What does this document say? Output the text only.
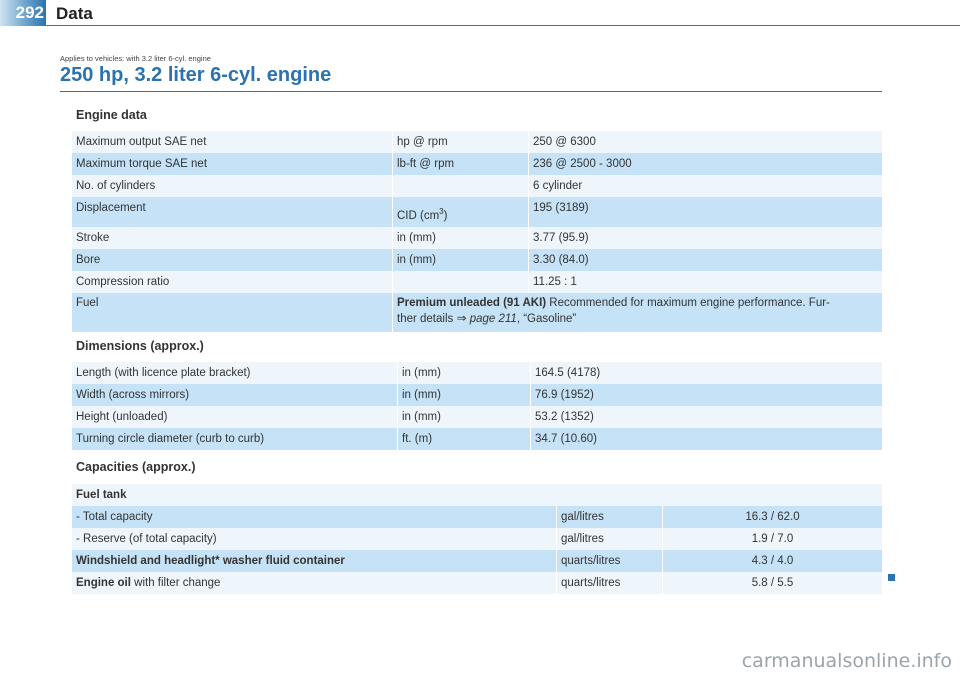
292 Data
Applies to vehicles: with 3.2 liter 6-cyl. engine
250 hp, 3.2 liter 6-cyl. engine
Engine data
Maximum output SAE net	hp @ rpm	250 @ 6300
Maximum torque SAE net	lb-ft @ rpm	236 @ 2500 - 3000
No. of cylinders		6 cylinder
Displacement	CID $(cm^3)$	195 (3189)
Stroke	in (mm)	3.77 (95.9)
Bore	in (mm)	3.30 (84.0)
Compression ratio		11.25 : 1
Fuel	Premium unleaded (91 AKI) Recommended for maximum engine performance. Fur-
ther details ⇒ page 211, “Gasoline”	
Dimensions (approx.)
Length (with licence plate bracket)	in (mm)	164.5 (4178)
Width (across mirrors)	in (mm)	76.9 (1952)
Height (unloaded)	in (mm)	53.2 (1352)
Turning circle diameter (curb to curb)	ft. (m)	34.7 (10.60)
Capacities (approx.)
Fuel tank		
- Total capacity	gal/litres	16.3 / 62.0
- Reserve (of total capacity)	gal/litres	1.9 / 7.0
Windshield and headlight* washer fluid container	quarts/litres	4.3 / 4.0
Engine oil with filter change	quarts/litres	5.8 / 5.5
carmanualsonline.info
